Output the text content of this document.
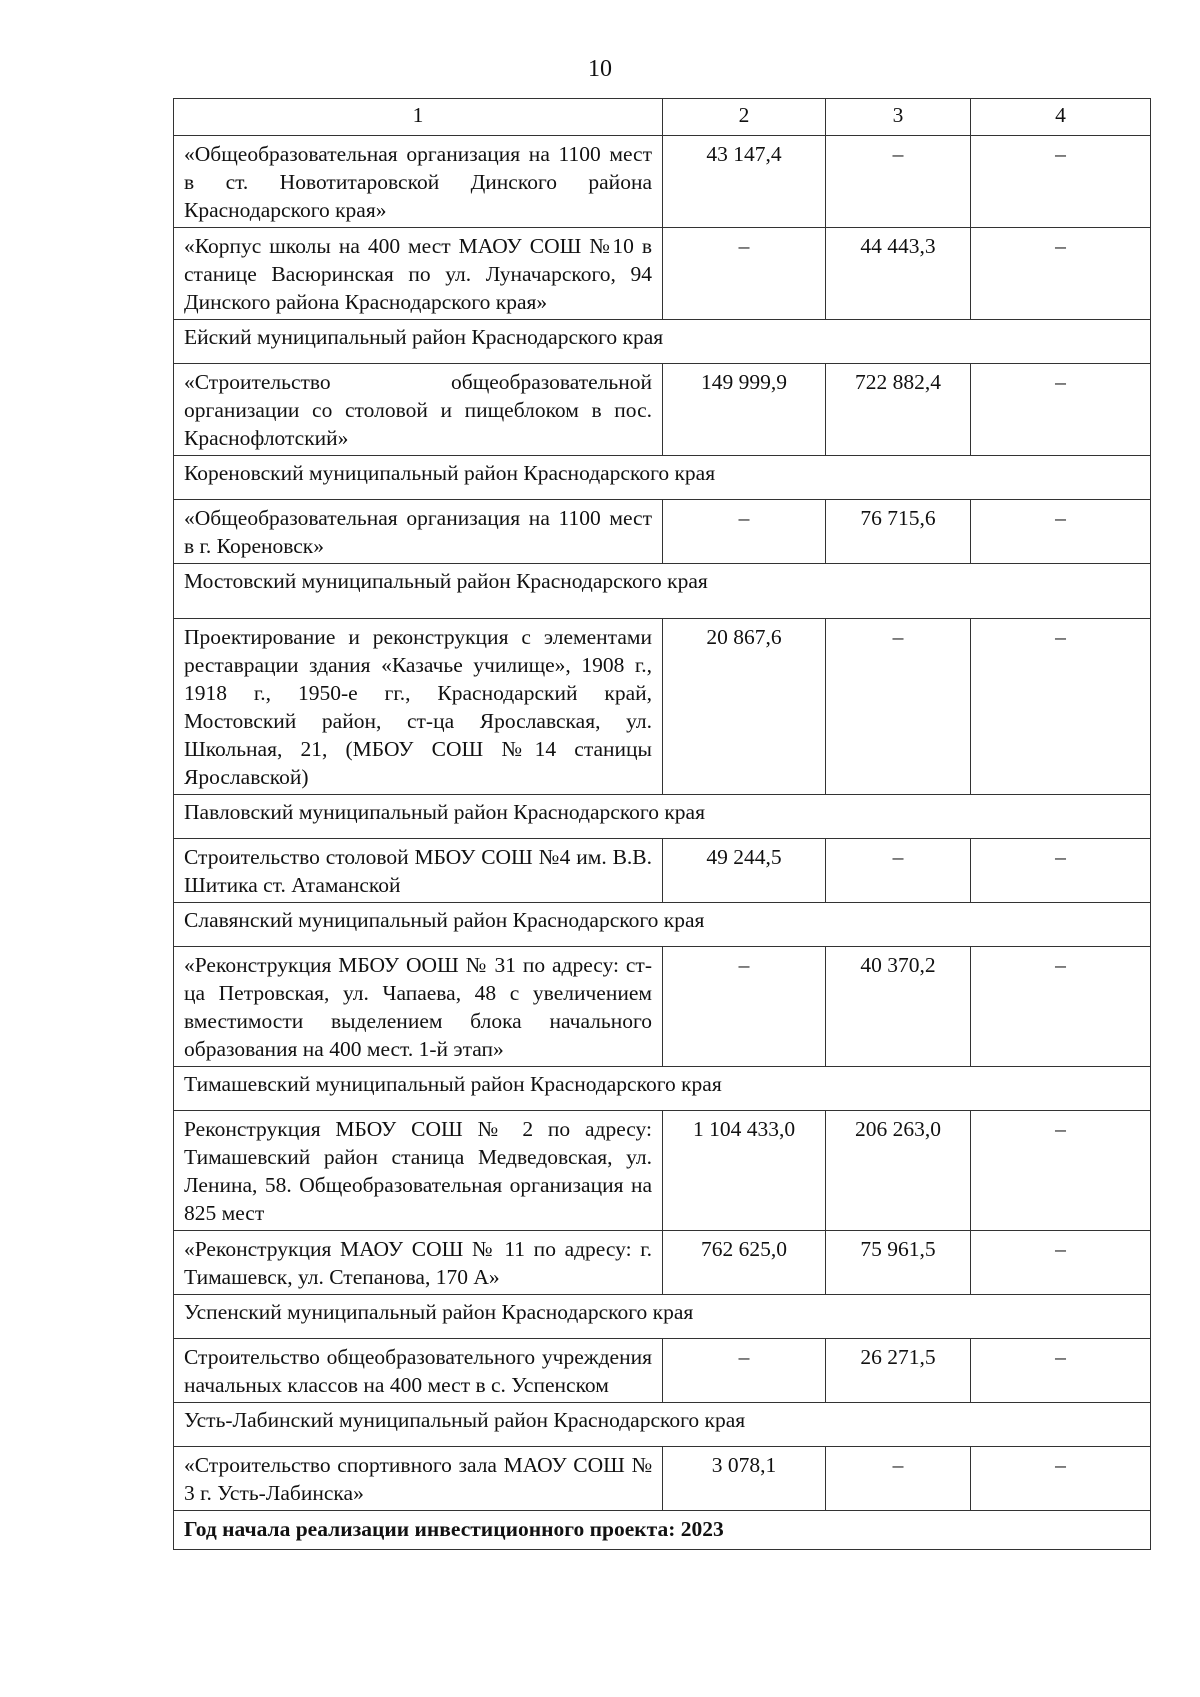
10
1	2	3	4
«Общеобразовательная организация на 1100 мест в ст. Новотитаровской Динского района Краснодарского края»	43 147,4	–	–
«Корпус школы на 400 мест МАОУ СОШ №10 в станице Васюринская по ул. Луначарского, 94 Динского района Краснодарского края»	–	44 443,3	–
Ейский муниципальный район Краснодарского края			
«Строительство общеобразовательной организации со столовой и пищеблоком в пос. Краснофлотский»	149 999,9	722 882,4	–
Кореновский муниципальный район Краснодарского края			
«Общеобразовательная организация на 1100 мест в г. Кореновск»	–	76 715,6	–
Мостовский муниципальный район Краснодарского края			
Проектирование и реконструкция с элементами реставрации здания «Казачье училище», 1908 г., 1918 г., 1950-е гг., Краснодарский край, Мостовский район, ст-ца Ярославская, ул. Школьная, 21, (МБОУ СОШ №14 станицы Ярославской)	20 867,6	–	–
Павловский муниципальный район Краснодарского края			
Строительство столовой МБОУ СОШ №4 им. В.В. Шитика ст. Атаманской	49 244,5	–	–
Славянский муниципальный район Краснодарского края			
«Реконструкция МБОУ ООШ № 31 по адресу: ст-ца Петровская, ул. Чапаева, 48 с увеличением вместимости выделением блока начального образования на 400 мест. 1-й этап»	–	40 370,2	–
Тимашевский муниципальный район Краснодарского края			
Реконструкция МБОУ СОШ № 2 по адресу: Тимашевский район станица Медведовская, ул. Ленина, 58. Общеобразовательная организация на 825 мест	1 104 433,0	206 263,0	–
«Реконструкция МАОУ СОШ № 11 по адресу: г. Тимашевск, ул. Степанова, 170 А»	762 625,0	75 961,5	–
Успенский муниципальный район Краснодарского края			
Строительство общеобразовательного учреждения начальных классов на 400 мест в с. Успенском	–	26 271,5	–
Усть-Лабинский муниципальный район Краснодарского края			
«Строительство спортивного зала МАОУ СОШ № 3 г. Усть-Лабинска»	3 078,1	–	–
Год начала реализации инвестиционного проекта: 2023			
